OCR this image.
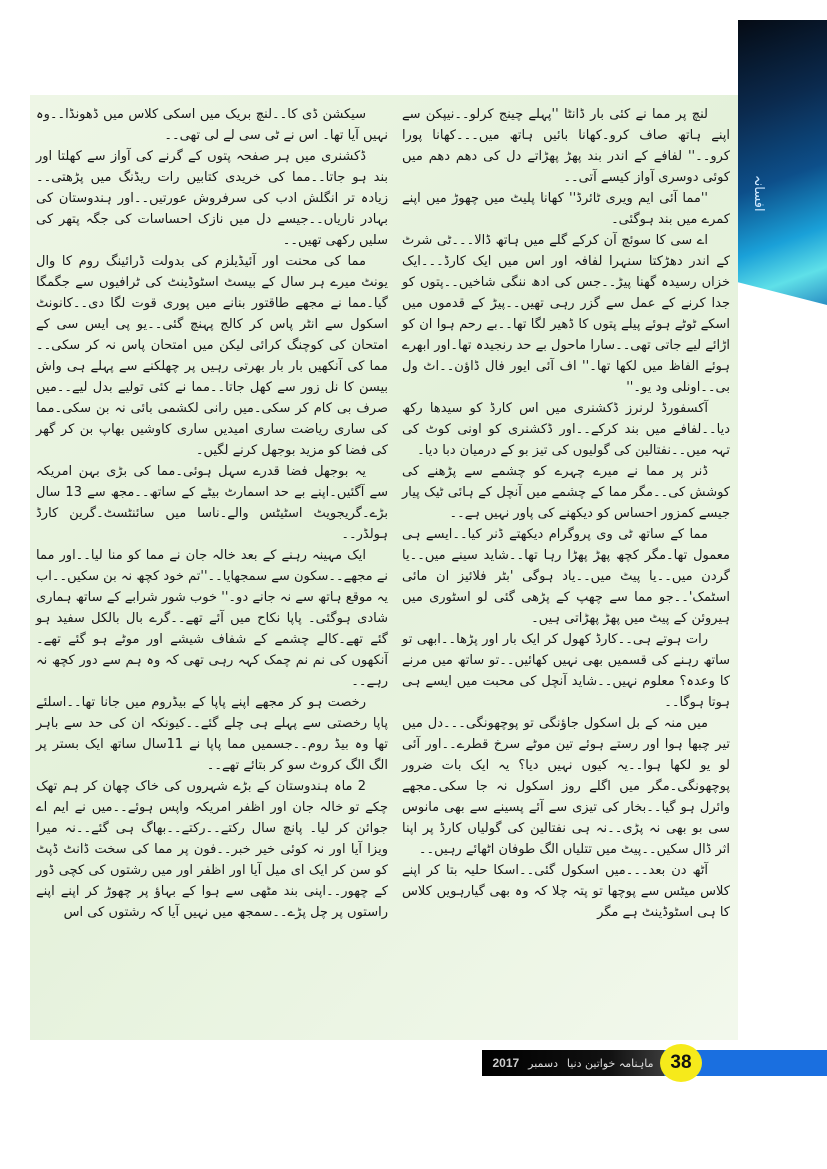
افسانہ

لنچ پر مما نے کئی بار ڈانٹا ''پہلے چینج کرلو۔۔نیپکن سے اپنے ہاتھ صاف کرو۔کھانا بائیں ہاتھ میں۔۔۔کھانا پورا کرو۔۔'' لفافے کے اندر بند پھڑ پھڑاتے دل کی دھم دھم میں کوئی دوسری آواز کیسے آتی۔۔

''مما آئی ایم ویری ٹائرڈ'' کھانا پلیٹ میں چھوڑ میں اپنے کمرے میں بند ہوگئی۔

اے سی کا سوئچ آن کرکے گلے میں ہاتھ ڈالا۔۔۔ٹی شرٹ کے اندر دھڑکتا سنہرا لفافہ اور اس میں ایک کارڈ۔۔۔ایک خزاں رسیدہ گھنا پیڑ۔۔جس کی ادھ ننگی شاخیں۔۔پتوں کو جدا کرنے کے عمل سے گزر رہی تھیں۔۔پیڑ کے قدموں میں اسکے ٹوٹے ہوئے پیلے پتوں کا ڈھیر لگا تھا۔۔بے رحم ہوا ان کو اڑائے لیے جاتی تھی۔۔سارا ماحول بے حد رنجیدہ تھا۔اور ابھرے ہوئے الفاظ میں لکھا تھا۔'' اف آئی ایور فال ڈاؤن۔۔اٹ ول بی۔۔اونلی ود یو۔''

آکسفورڈ لرنرز ڈکشنری میں اس کارڈ کو سیدھا رکھ دیا۔۔لفافے میں بند کرکے۔۔اور ڈکشنری کو اونی کوٹ کی تہہ میں۔۔نفتالین کی گولیوں کی تیز بو کے درمیان دبا دیا۔

ڈنر پر مما نے میرے چہرے کو چشمے سے پڑھنے کی کوشش کی۔۔مگر مما کے چشمے میں آنچل کے ہائی ٹیک پیار جیسے کمزور احساس کو دیکھنے کی پاور نہیں ہے۔۔

مما کے ساتھ ٹی وی پروگرام دیکھتے ڈنر کیا۔۔ایسے ہی معمول تھا۔مگر کچھ پھڑ پھڑا رہا تھا۔۔شاید سینے میں۔۔یا گردن میں۔۔یا پیٹ میں۔۔یاد ہوگی 'بٹر فلائیز ان مائی اسٹمک'۔۔جو مما سے چھپ کے پڑھی گئی لو اسٹوری میں ہیروئن کے پیٹ میں پھڑ پھڑاتی ہیں۔

رات ہوتے ہی۔۔کارڈ کھول کر ایک بار اور پڑھا۔۔ابھی تو ساتھ رہنے کی قسمیں بھی نہیں کھائیں۔۔تو ساتھ میں مرنے کا وعدہ؟ معلوم نہیں۔۔شاید آنچل کی محبت میں ایسے ہی ہوتا ہوگا۔۔

میں منہ کے بل اسکول جاؤنگی تو پوچھونگی۔۔۔دل میں تیر چبھا ہوا اور رستے ہوئے تین موٹے سرخ قطرے۔۔اور آئی لو یو لکھا ہوا۔۔یہ کیوں نہیں دیا؟ یہ ایک بات ضرور پوچھونگی۔مگر میں اگلے روز اسکول نہ جا سکی۔مجھے وائرل ہو گیا۔۔بخار کی تیزی سے آئے پسینے سے بھی مانوس سی بو بھی نہ پڑی۔۔نہ ہی نفتالین کی گولیاں کارڈ پر اپنا اثر ڈال سکیں۔۔پیٹ میں تتلیاں الگ طوفان اٹھائے رہیں۔۔

آٹھ دن بعد۔۔۔میں اسکول گئی۔۔اسکا حلیہ بتا کر اپنے کلاس میٹس سے پوچھا تو پتہ چلا کہ وہ بھی گیارہویں کلاس کا ہی اسٹوڈینٹ ہے مگر

سیکشن ڈی کا۔۔لنچ بریک میں اسکی کلاس میں ڈھونڈا۔۔وہ نہیں آیا تھا۔ اس نے ٹی سی لے لی تھی۔۔

ڈکشنری میں ہر صفحہ پتوں کے گرنے کی آواز سے کھلتا اور بند ہو جاتا۔۔مما کی خریدی کتابیں رات ریڈنگ میں پڑھتی۔۔زیادہ تر انگلش ادب کی سرفروش عورتیں۔۔اور ہندوستان کی بہادر ناریاں۔۔جیسے دل میں نازک احساسات کی جگہ پتھر کی سلیں رکھی تھیں۔۔

مما کی محنت اور آئیڈیلزم کی بدولت ڈرائینگ روم کا وال یونٹ میرے ہر سال کے بیسٹ اسٹوڈینٹ کی ٹرافیوں سے جگمگا گیا۔مما نے مجھے طاقتور بنانے میں پوری قوت لگا دی۔۔کانونٹ اسکول سے انٹر پاس کر کالج پہنچ گئی۔۔یو پی ایس سی کے امتحان کی کوچنگ کرائی لیکن میں امتحان پاس نہ کر سکی۔۔مما کی آنکھیں بار بار بھرتی رہیں پر چھلکنے سے پہلے ہی واش بیسن کا نل زور سے کھل جاتا۔۔مما نے کئی تولیے بدل لیے۔۔میں صرف بی کام کر سکی۔میں رانی لکشمی بائی نہ بن سکی۔مما کی ساری ریاضت ساری امیدیں ساری کاوشیں بھاپ بن کر گھر کی فضا کو مزید بوجھل کرنے لگیں۔

یہ بوجھل فضا قدرے سہل ہوئی۔مما کی بڑی بہن امریکہ سے آگئیں۔اپنے بے حد اسمارٹ بیٹے کے ساتھ۔۔مجھ سے 13 سال بڑے۔گریجویٹ اسٹیٹس والے۔ناسا میں سائنٹسٹ۔گرین کارڈ ہولڈر۔۔

ایک مہینہ رہنے کے بعد خالہ جان نے مما کو منا لیا۔۔اور مما نے مجھے۔۔سکون سے سمجھایا۔۔''تم خود کچھ نہ بن سکیں۔۔اب یہ موقع ہاتھ سے نہ جانے دو۔'' خوب شور شرابے کے ساتھ ہماری شادی ہوگئی۔ پاپا نکاح میں آئے تھے۔۔گرے بال بالکل سفید ہو گئے تھے۔کالے چشمے کے شفاف شیشے اور موٹے ہو گئے تھے۔آنکھوں کی نم نم چمک کہہ رہی تھی کہ وہ ہم سے دور کچھ نہ رہے۔۔

رخصت ہو کر مجھے اپنے پاپا کے بیڈروم میں جانا تھا۔۔اسلئے پاپا رخصتی سے پہلے ہی چلے گئے۔۔کیونکہ ان کی حد سے باہر تھا وہ بیڈ روم۔۔جسمیں مما پاپا نے 11سال ساتھ ایک بستر پر الگ الگ کروٹ سو کر بتائے تھے۔۔

2 ماہ ہندوستان کے بڑے شہروں کی خاک چھان کر ہم تھک چکے تو خالہ جان اور اظفر امریکہ واپس ہوئے۔۔میں نے ایم اے جوائن کر لیا۔ پانچ سال رکتے۔۔رکتے۔۔بھاگ ہی گئے۔۔نہ میرا ویزا آیا اور نہ کوئی خیر خبر۔۔فون پر مما کی سخت ڈانٹ ڈپٹ کو سن کر ایک ای میل آیا اور اظفر اور میں رشتوں کی کچی ڈور کے چھور۔۔اپنی بند مٹھی سے ہوا کے بہاؤ پر چھوڑ کر اپنے اپنے راستوں پر چل پڑے۔۔سمجھ میں نہیں آیا کہ رشتوں کی اس

ماہنامہ خواتین دنیا
دسمبر
2017	38
